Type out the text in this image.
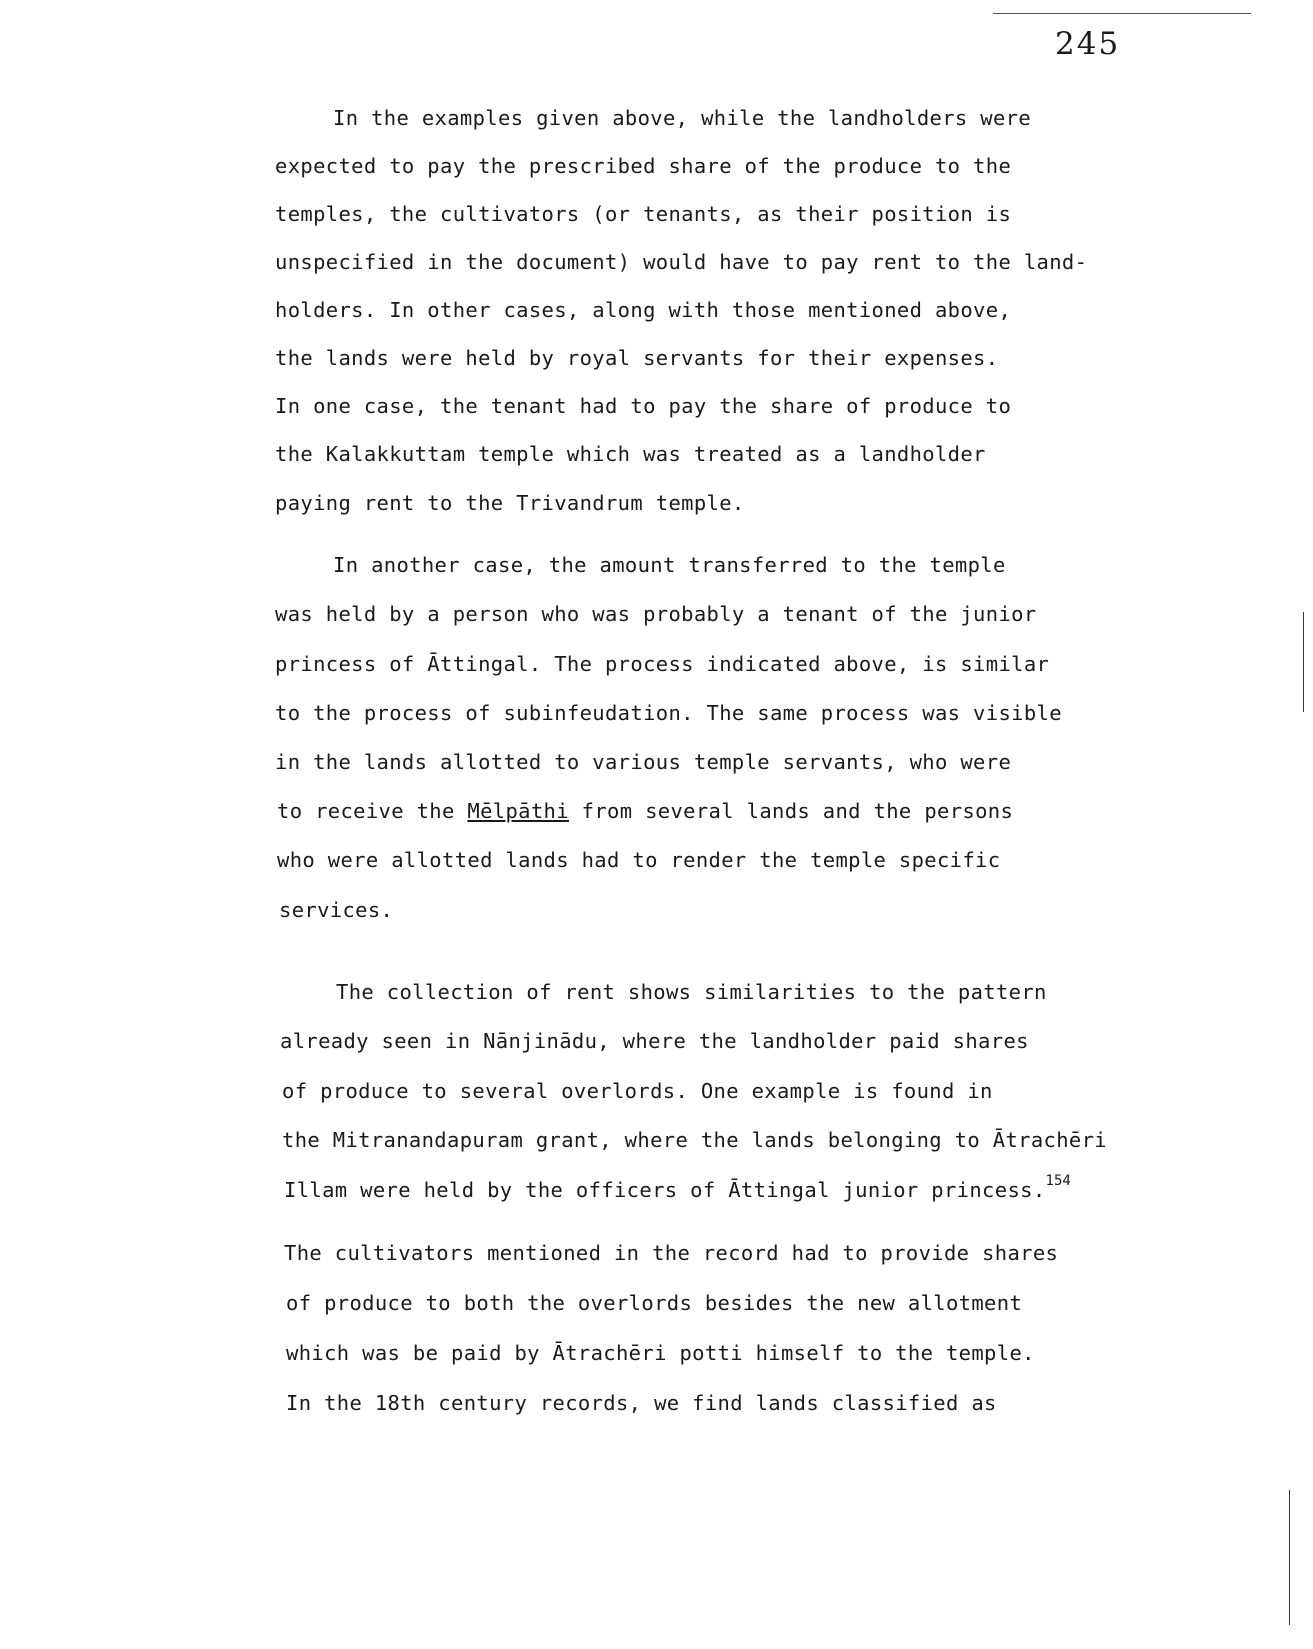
245
In the examples given above, while the landholders were
expected to pay the prescribed share of the produce to the
temples, the cultivators (or tenants, as their position is
unspecified in the document) would have to pay rent to the land-
holders. In other cases, along with those mentioned above,
the lands were held by royal servants for their expenses.
In one case, the tenant had to pay the share of produce to
the Kalakkuttam temple which was treated as a landholder
paying rent to the Trivandrum temple.
In another case, the amount transferred to the temple
was held by a person who was probably a tenant of the junior
princess of Āttingal. The process indicated above, is similar
to the process of subinfeudation. The same process was visible
in the lands allotted to various temple servants, who were
to receive the Mēlpāthi from several lands and the persons
who were allotted lands had to render the temple specific
services.
The collection of rent shows similarities to the pattern
already seen in Nānjinādu, where the landholder paid shares
of produce to several overlords. One example is found in
the Mitranandapuram grant, where the lands belonging to Ātrachēri
Illam were held by the officers of Āttingal junior princess.$^{154}$
The cultivators mentioned in the record had to provide shares
of produce to both the overlords besides the new allotment
which was be paid by Ātrachēri potti himself to the temple.
In the 18th century records, we find lands classified as
